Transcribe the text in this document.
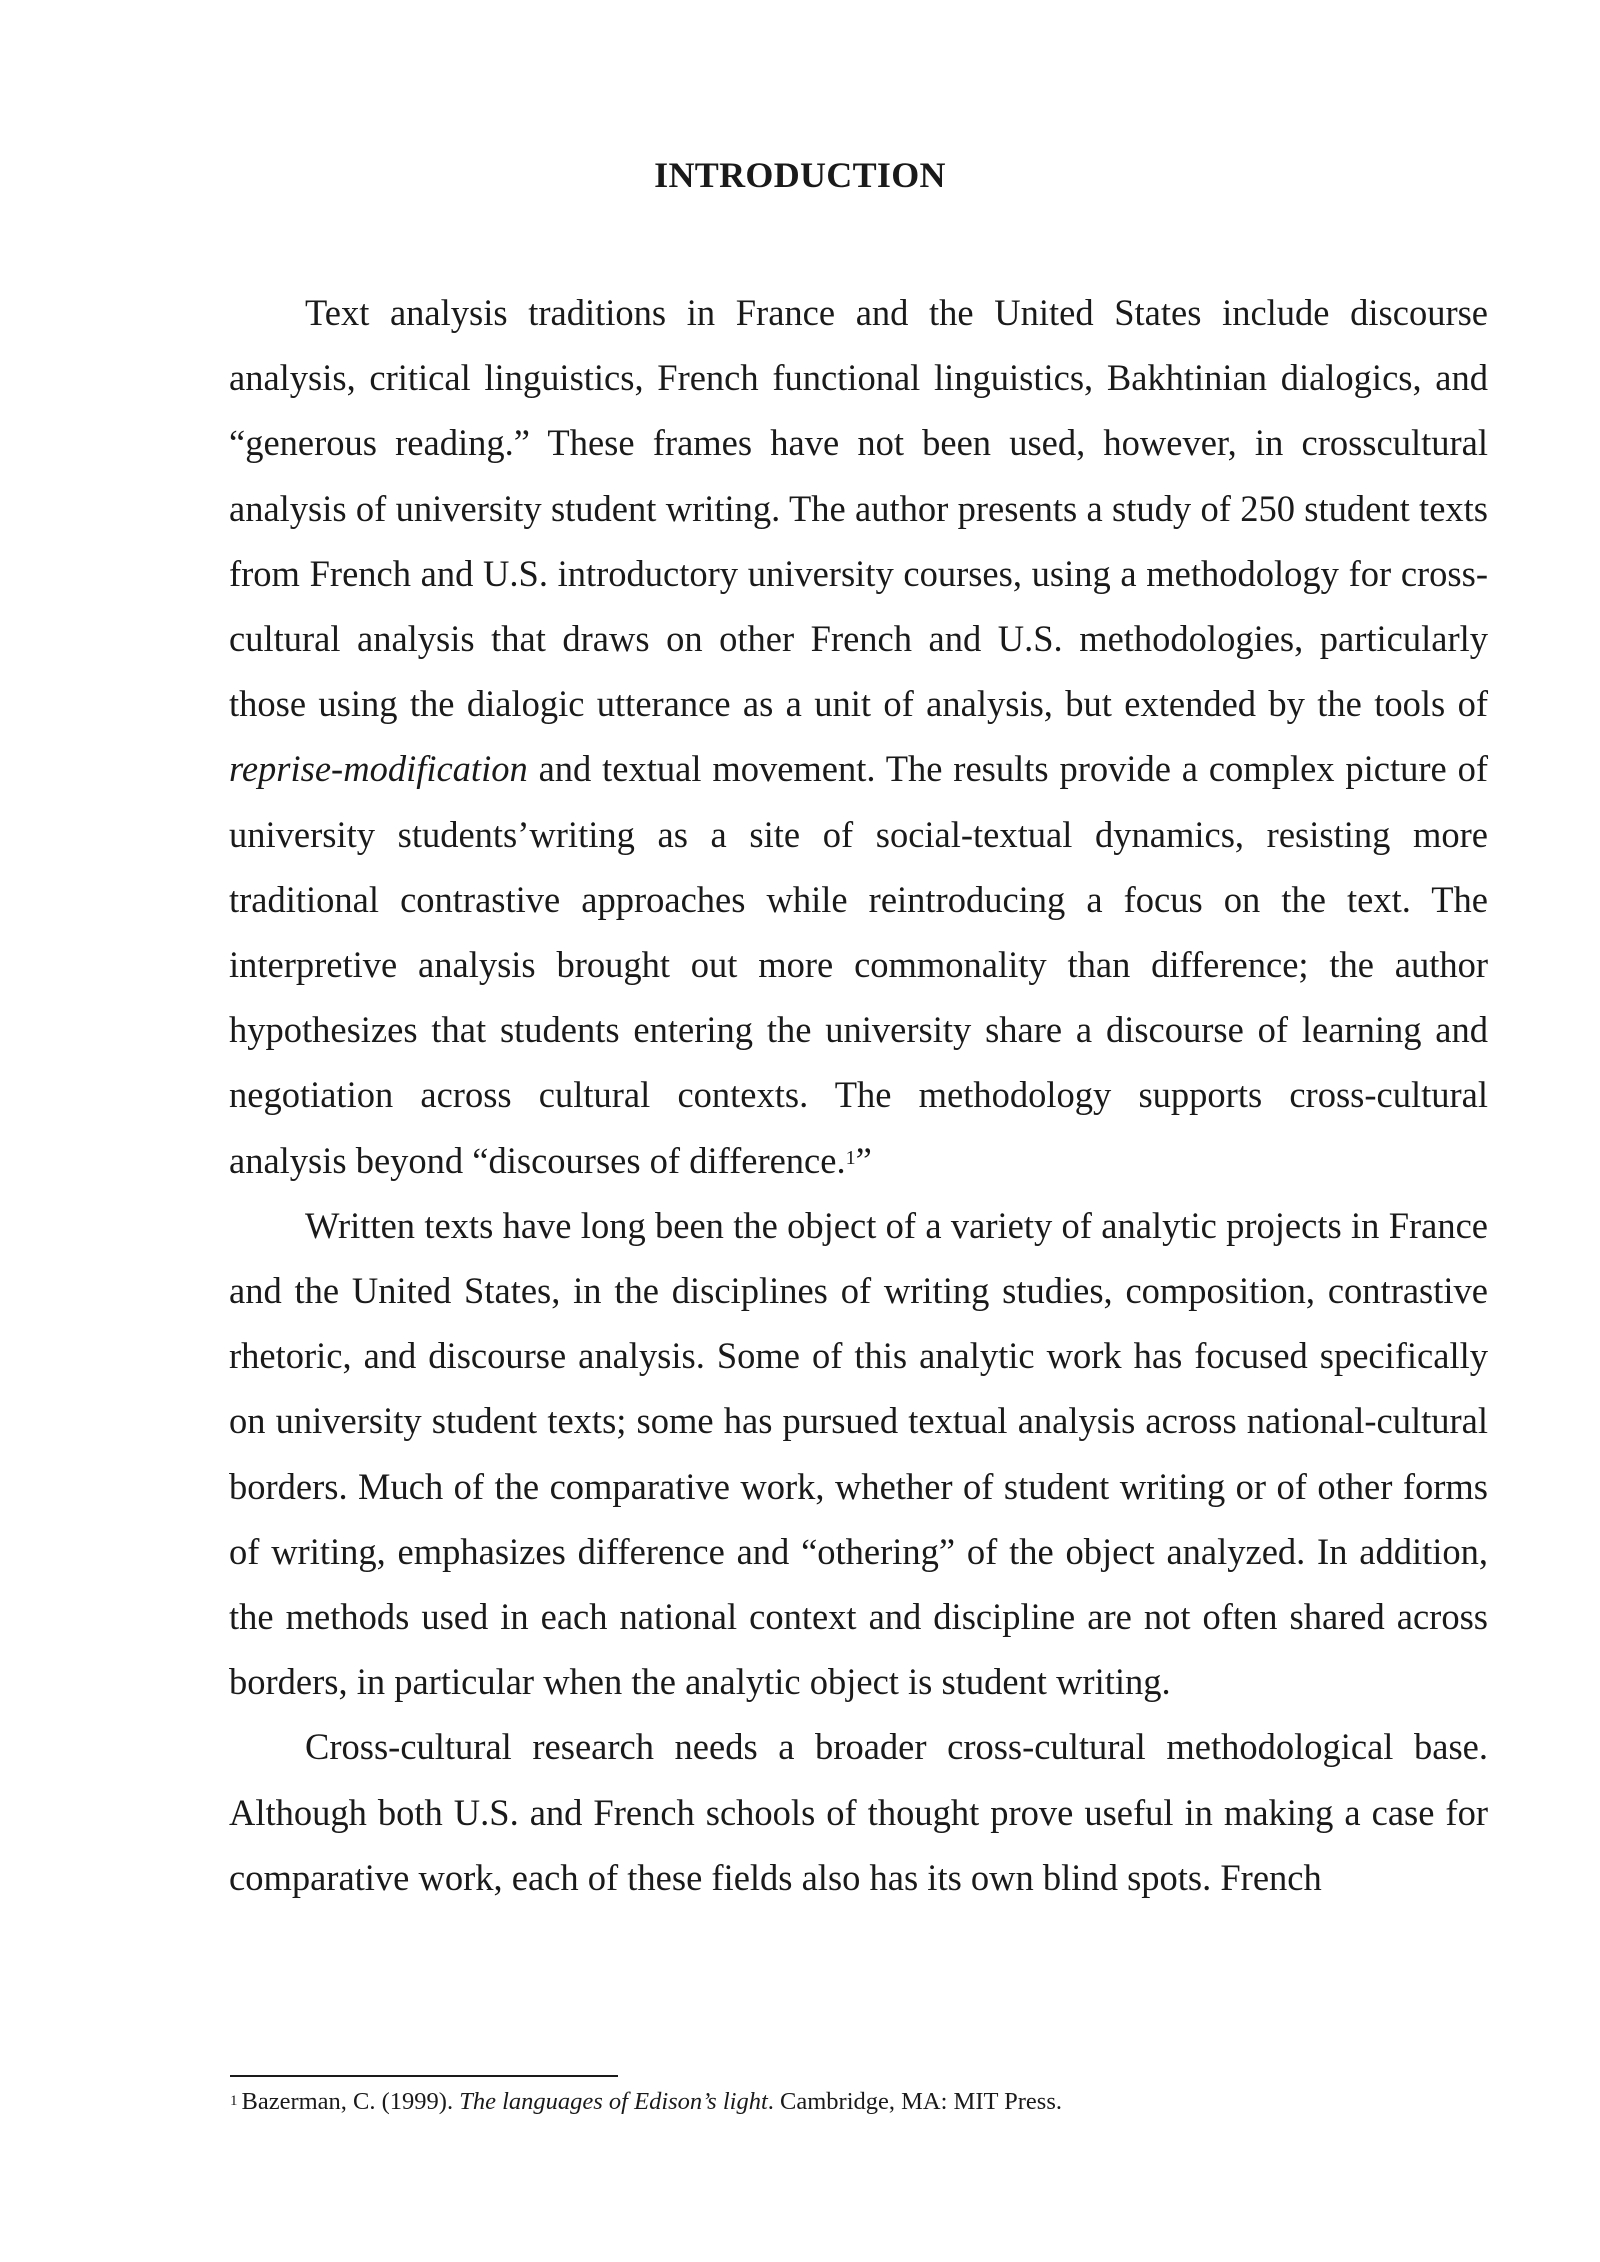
INTRODUCTION

Text analysis traditions in France and the United States include discourse analysis, critical linguistics, French functional linguistics, Bakhtinian dialogics, and “generous reading.” These frames have not been used, however, in crosscultural analysis of university student writing. The author presents a study of 250 student texts from French and U.S. introductory university courses, using a methodology for cross-cultural analysis that draws on other French and U.S. methodologies, particularly those using the dialogic utterance as a unit of analysis, but extended by the tools of reprise-modification and textual movement. The results provide a complex picture of university students’writing as a site of social-textual dynamics, resisting more traditional contrastive approaches while reintroducing a focus on the text. The interpretive analysis brought out more commonality than difference; the author hypothesizes that students entering the university share a discourse of learning and negotiation across cultural contexts. The methodology supports cross-cultural analysis beyond “discourses of difference.$^1$”

Written texts have long been the object of a variety of analytic projects in France and the United States, in the disciplines of writing studies, composition, contrastive rhetoric, and discourse analysis. Some of this analytic work has focused specifically on university student texts; some has pursued textual analysis across national-cultural borders. Much of the comparative work, whether of student writing or of other forms of writing, emphasizes difference and “othering” of the object analyzed. In addition, the methods used in each national context and discipline are not often shared across borders, in particular when the analytic object is student writing.

Cross-cultural research needs a broader cross-cultural methodological base. Although both U.S. and French schools of thought prove useful in making a case for comparative work, each of these fields also has its own blind spots. French

$^1$ Bazerman, C. (1999). The languages of Edison’s light. Cambridge, MA: MIT Press.
